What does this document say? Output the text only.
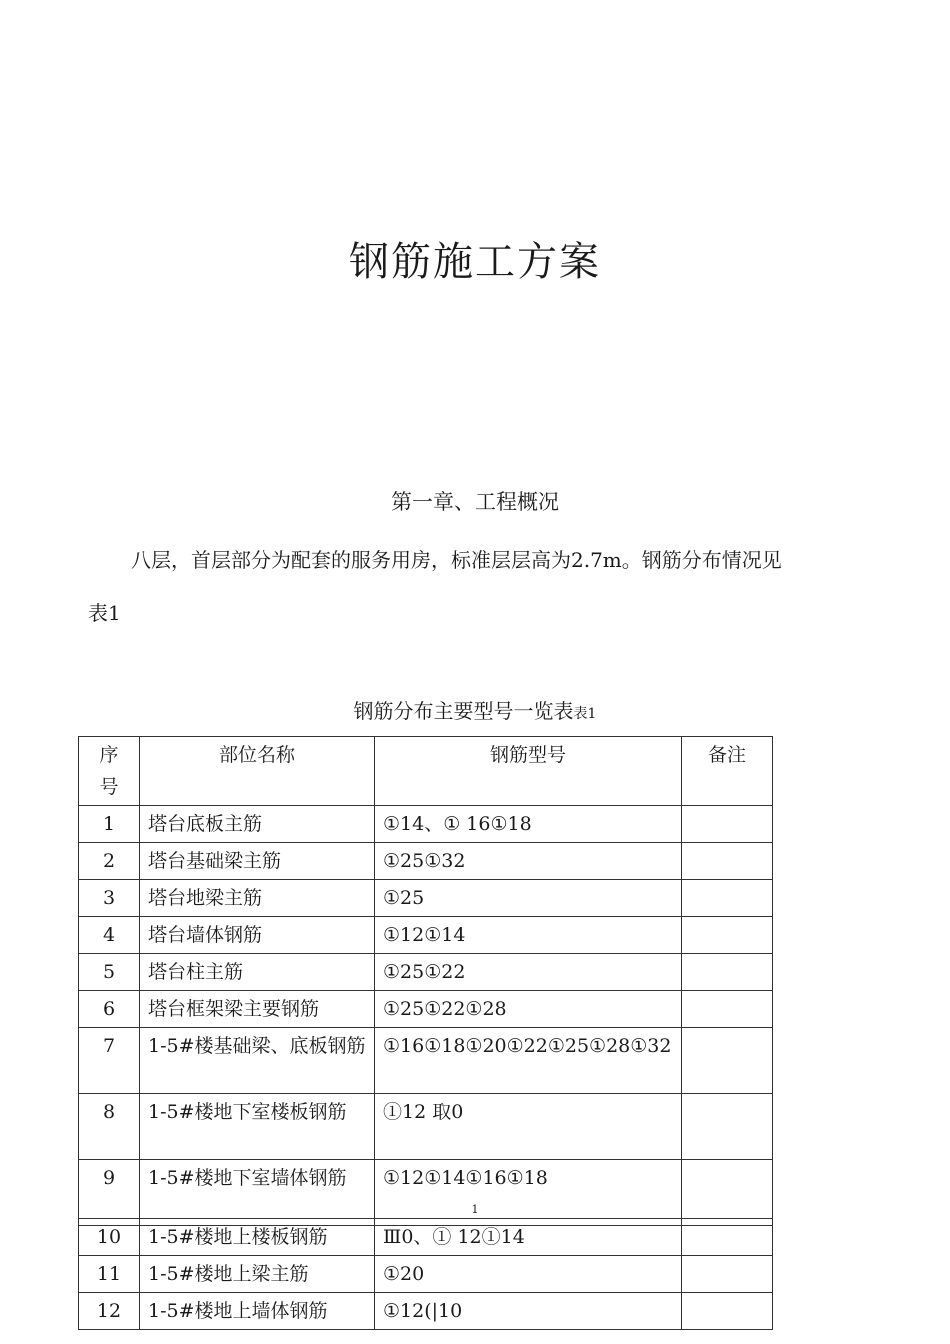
钢筋施工方案
第一章、工程概况
八层，首层部分为配套的服务用房，标准层层高为2.7m。钢筋分布情况见
表1
钢筋分布主要型号一览表表1
序号	部位名称	钢筋型号	备注
1	塔台底板主筋	①14、① 16①18	
2	塔台基础梁主筋	①25①32	
3	塔台地梁主筋	①25	
4	塔台墙体钢筋	①12①14	
5	塔台柱主筋	①25①22	
6	塔台框架梁主要钢筋	①25①22①28	
7	1-5#楼基础梁、底板钢筋	①16①18①20①22①25①28①32	
8	1-5#楼地下室楼板钢筋	①12 取0	
9	1-5#楼地下室墙体钢筋	①12①14①16①18	
1
10	1-5#楼地上楼板钢筋	Ⅲ0、① 12①14	
11	1-5#楼地上梁主筋	①20	
12	1-5#楼地上墙体钢筋	①12(|10	
